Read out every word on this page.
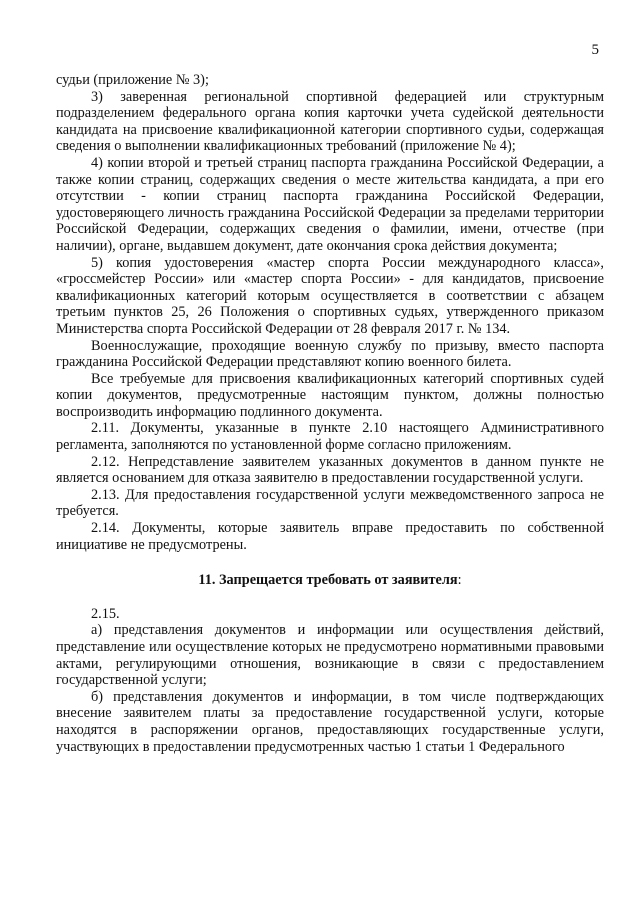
5

судьи (приложение № 3);

3) заверенная региональной спортивной федерацией или структурным подразделением федерального органа копия карточки учета судейской деятельности кандидата на присвоение квалификационной категории спортивного судьи, содержащая сведения о выполнении квалификационных требований (приложение № 4);

4) копии второй и третьей страниц паспорта гражданина Российской Федерации, а также копии страниц, содержащих сведения о месте жительства кандидата, а при его отсутствии - копии страниц паспорта гражданина Российской Федерации, удостоверяющего личность гражданина Российской Федерации за пределами территории Российской Федерации, содержащих сведения о фамилии, имени, отчестве (при наличии), органе, выдавшем документ, дате окончания срока действия документа;

5) копия удостоверения «мастер спорта России международного класса», «гроссмейстер России» или «мастер спорта России» - для кандидатов, присвоение квалификационных категорий которым осуществляется в соответствии с абзацем третьим пунктов 25, 26 Положения о спортивных судьях, утвержденного приказом Министерства спорта Российской Федерации от 28 февраля 2017 г. № 134.

Военнослужащие, проходящие военную службу по призыву, вместо паспорта гражданина Российской Федерации представляют копию военного билета.

Все требуемые для присвоения квалификационных категорий спортивных судей копии документов, предусмотренные настоящим пунктом, должны полностью воспроизводить информацию подлинного документа.

2.11. Документы, указанные в пункте 2.10 настоящего Административного регламента, заполняются по установленной форме согласно приложениям.

2.12. Непредставление заявителем указанных документов в данном пункте не является основанием для отказа заявителю в предоставлении государственной услуги.

2.13. Для предоставления государственной услуги межведомственного запроса не требуется.

2.14. Документы, которые заявитель вправе предоставить по собственной инициативе не предусмотрены.

11. Запрещается требовать от заявителя:

2.15.

а) представления документов и информации или осуществления действий, представление или осуществление которых не предусмотрено нормативными правовыми актами, регулирующими отношения, возникающие в связи с предоставлением государственной услуги;

б) представления документов и информации, в том числе подтверждающих внесение заявителем платы за предоставление государственной услуги, которые находятся в распоряжении органов, предоставляющих государственные услуги, участвующих в предоставлении предусмотренных частью 1 статьи 1 Федерального
